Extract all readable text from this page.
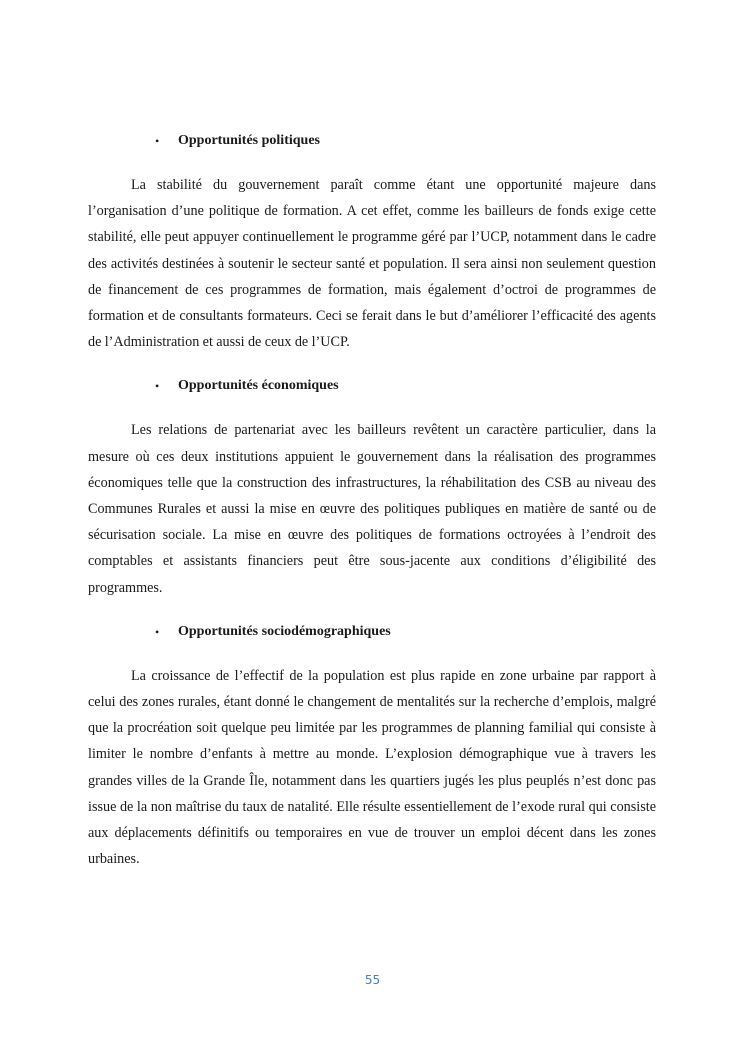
• Opportunités politiques

La stabilité du gouvernement paraît comme étant une opportunité majeure dans l’organisation d’une politique de formation. A cet effet, comme les bailleurs de fonds exige cette stabilité, elle peut appuyer continuellement le programme géré par l’UCP, notamment dans le cadre des activités destinées à soutenir le secteur santé et population. Il sera ainsi non seulement question de financement de ces programmes de formation, mais également d’octroi de programmes de formation et de consultants formateurs. Ceci se ferait dans le but d’améliorer l’efficacité des agents de l’Administration et aussi de ceux de l’UCP.

• Opportunités économiques

Les relations de partenariat avec les bailleurs revêtent un caractère particulier, dans la mesure où ces deux institutions appuient le gouvernement dans la réalisation des programmes économiques telle que la construction des infrastructures, la réhabilitation des CSB au niveau des Communes Rurales et aussi la mise en œuvre des politiques publiques en matière de santé ou de sécurisation sociale. La mise en œuvre des politiques de formations octroyées à l’endroit des comptables et assistants financiers peut être sous-jacente aux conditions d’éligibilité des programmes.

• Opportunités sociodémographiques

La croissance de l’effectif de la population est plus rapide en zone urbaine par rapport à celui des zones rurales, étant donné le changement de mentalités sur la recherche d’emplois, malgré que la procréation soit quelque peu limitée par les programmes de planning familial qui consiste à limiter le nombre d’enfants à mettre au monde. L’explosion démographique vue à travers les grandes villes de la Grande Île, notamment dans les quartiers jugés les plus peuplés n’est donc pas issue de la non maîtrise du taux de natalité. Elle résulte essentiellement de l’exode rural qui consiste aux déplacements définitifs ou temporaires en vue de trouver un emploi décent dans les zones urbaines.

55
